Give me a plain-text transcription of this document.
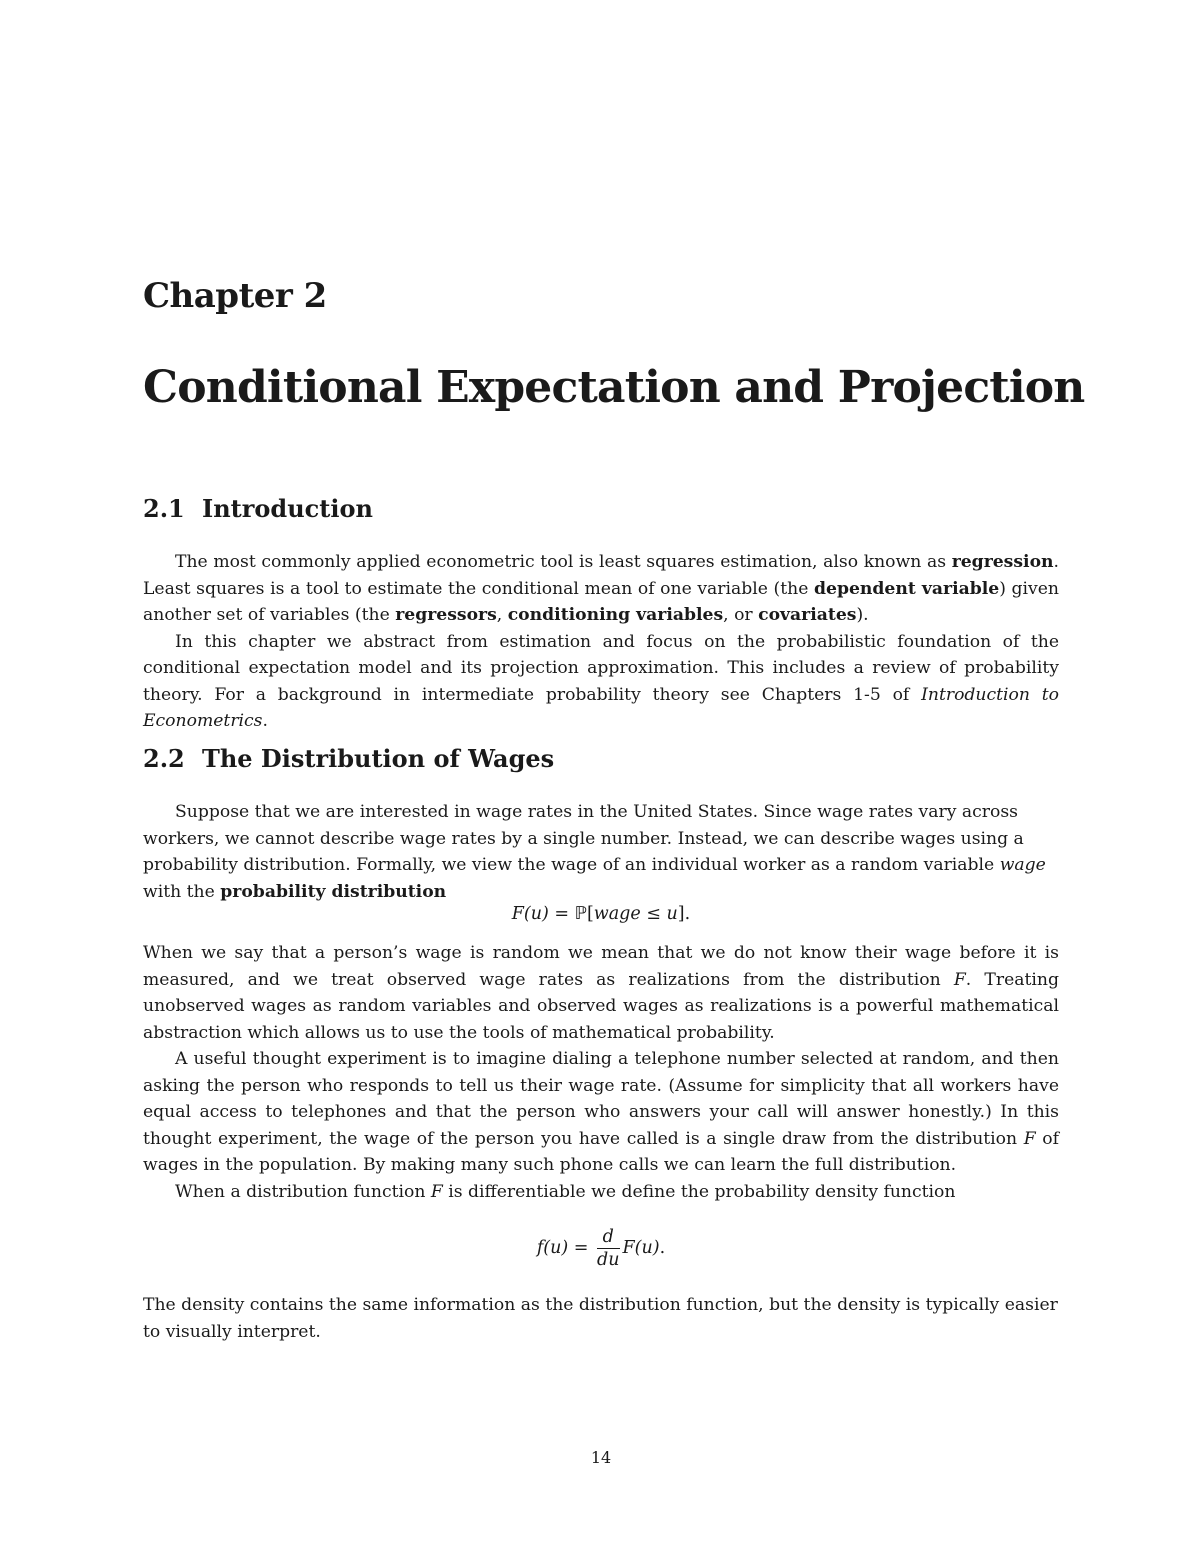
Chapter 2
Conditional Expectation and Projection
2.1 Introduction

The most commonly applied econometric tool is least squares estimation, also known as regression. Least squares is a tool to estimate the conditional mean of one variable (the dependent variable) given another set of variables (the regressors, conditioning variables, or covariates).

In this chapter we abstract from estimation and focus on the probabilistic foundation of the conditional expectation model and its projection approximation. This includes a review of probability theory. For a background in intermediate probability theory see Chapters 1-5 of Introduction to Econometrics.

2.2 The Distribution of Wages

Suppose that we are interested in wage rates in the United States. Since wage rates vary across workers, we cannot describe wage rates by a single number. Instead, we can describe wages using a probability distribution. Formally, we view the wage of an individual worker as a random variable wage with the probability distribution

F(u) = ℙ[wage ≤ u].

When we say that a person’s wage is random we mean that we do not know their wage before it is measured, and we treat observed wage rates as realizations from the distribution F. Treating unobserved wages as random variables and observed wages as realizations is a powerful mathematical abstraction which allows us to use the tools of mathematical probability.

A useful thought experiment is to imagine dialing a telephone number selected at random, and then asking the person who responds to tell us their wage rate. (Assume for simplicity that all workers have equal access to telephones and that the person who answers your call will answer honestly.) In this thought experiment, the wage of the person you have called is a single draw from the distribution F of wages in the population. By making many such phone calls we can learn the full distribution.

When a distribution function F is differentiable we define the probability density function

$f(u) = \frac{d}{du} F(u)$.

The density contains the same information as the distribution function, but the density is typically easier to visually interpret.

14
